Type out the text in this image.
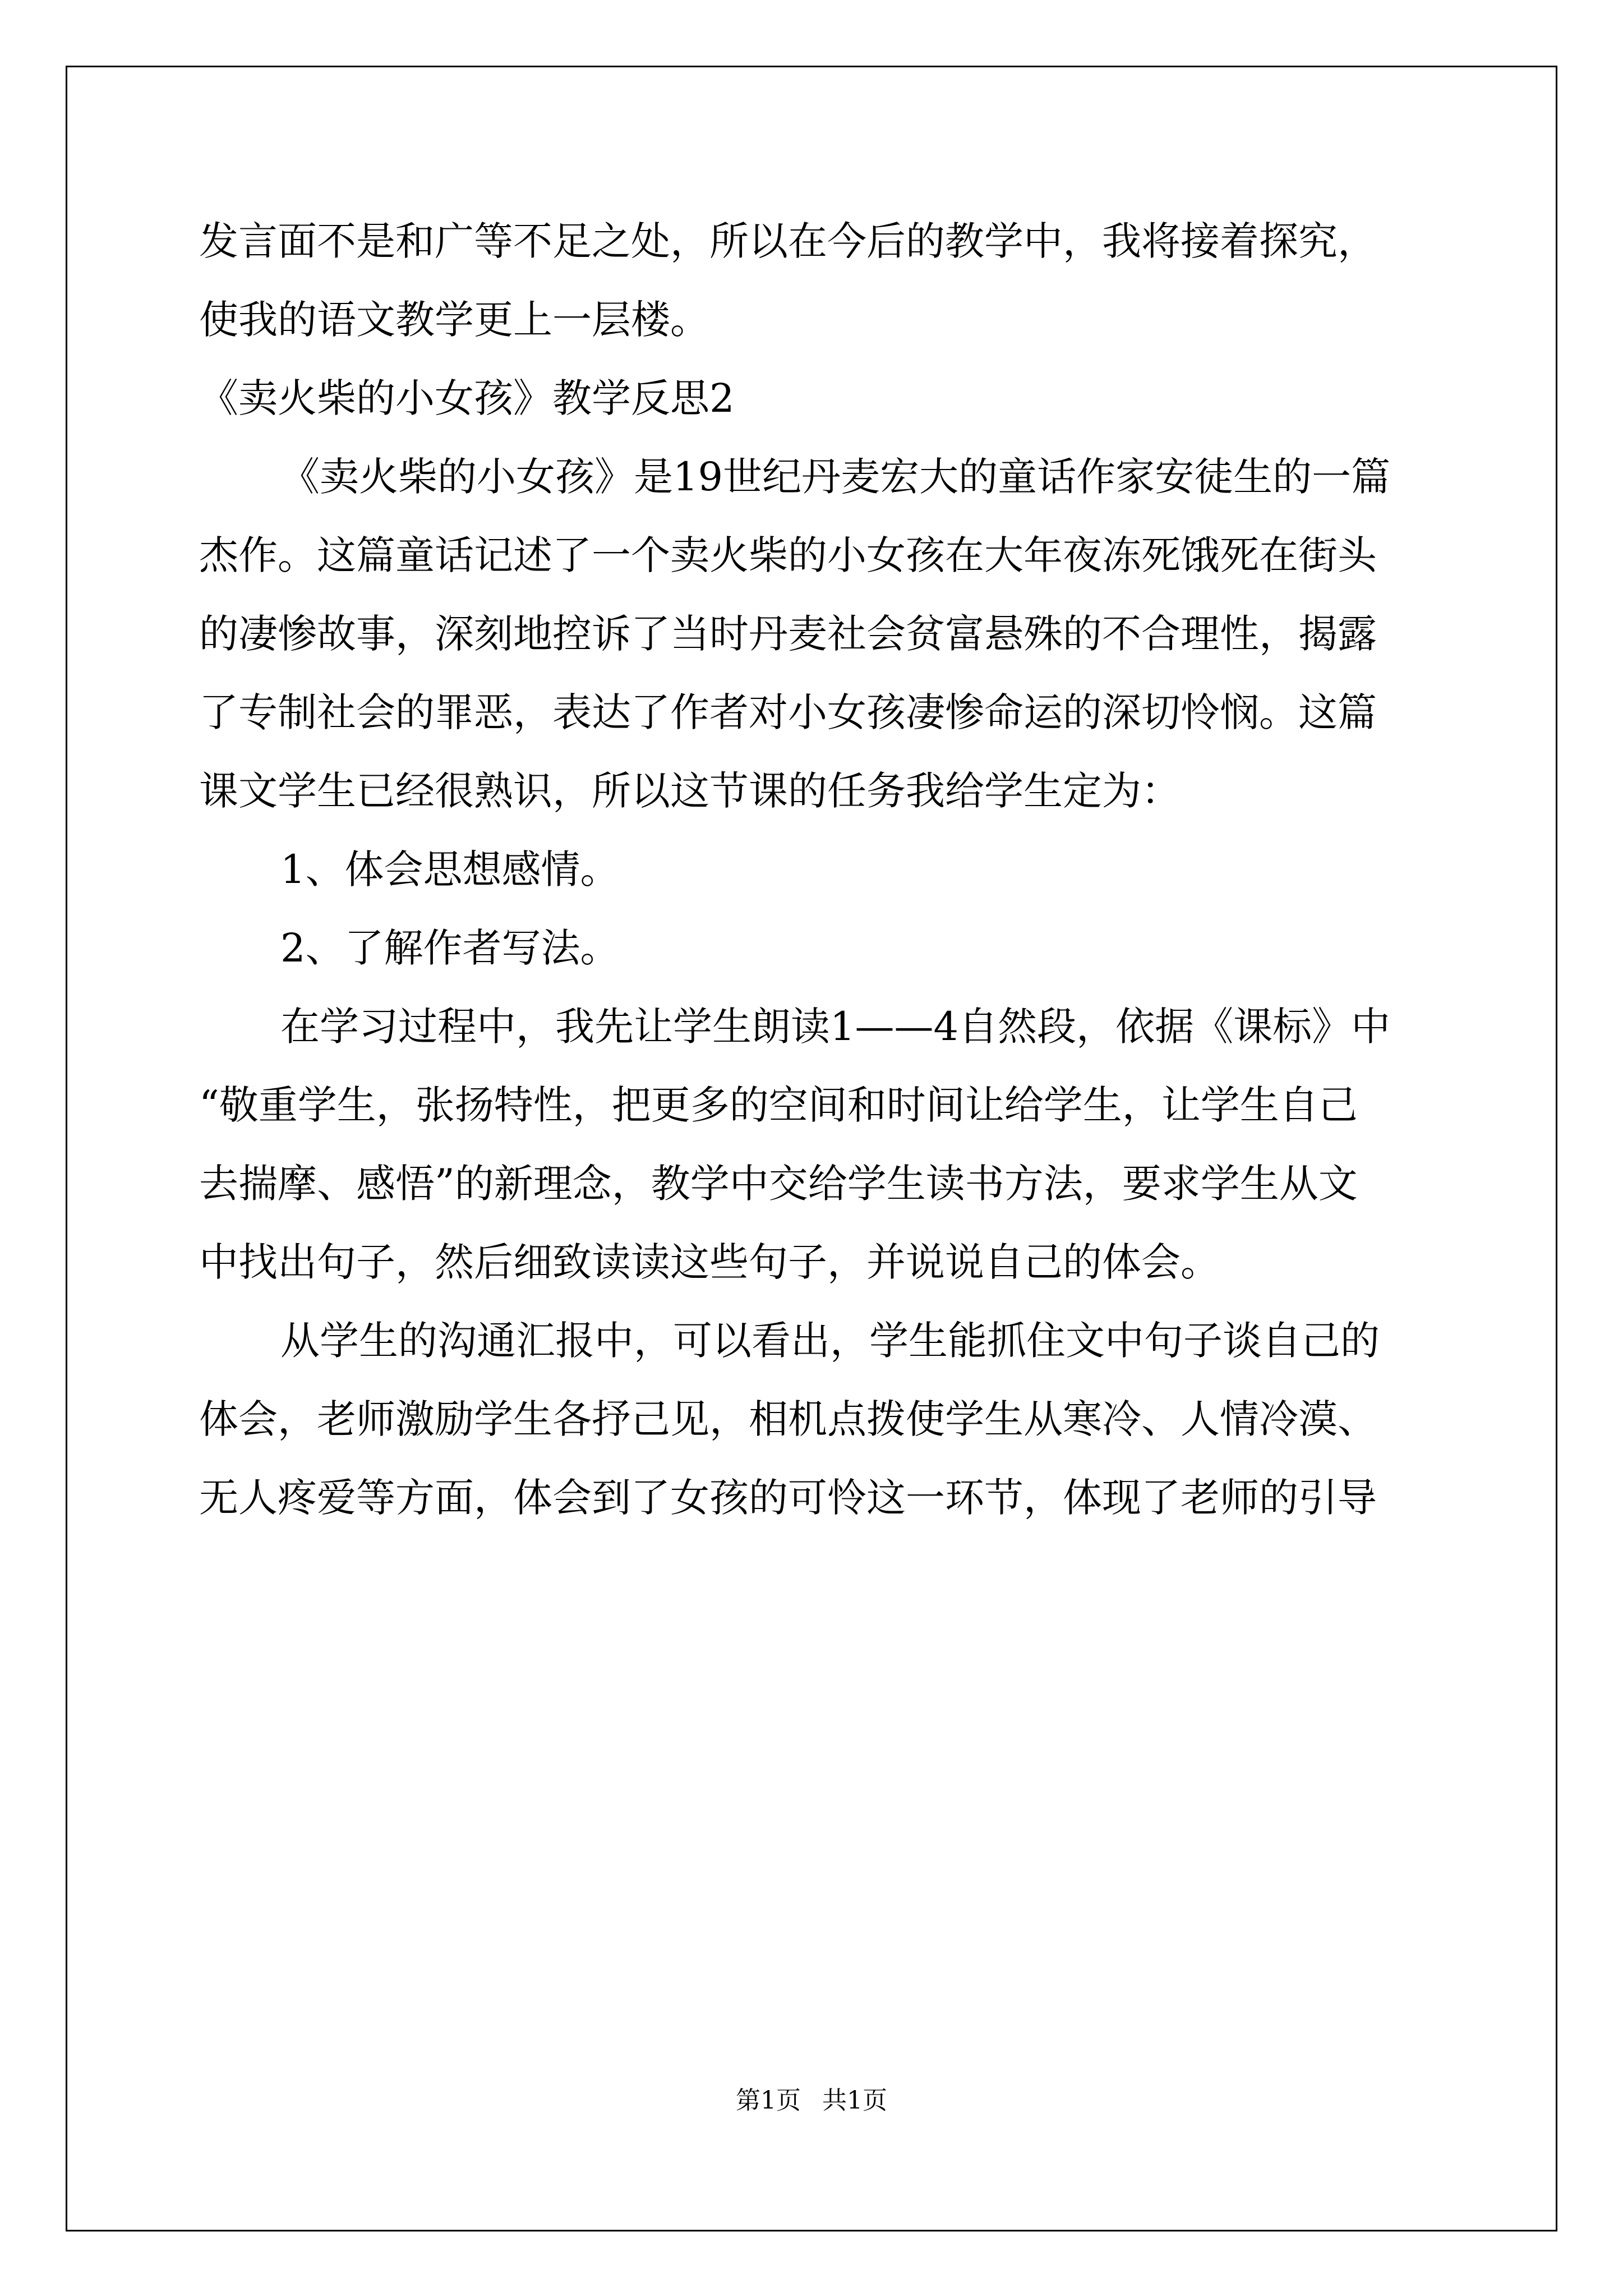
发言面不是和广等不足之处，所以在今后的教学中，我将接着探究，
使我的语文教学更上一层楼。
《卖火柴的小女孩》教学反思2
《卖火柴的小女孩》是19世纪丹麦宏大的童话作家安徒生的一篇
杰作。这篇童话记述了一个卖火柴的小女孩在大年夜冻死饿死在街头
的凄惨故事，深刻地控诉了当时丹麦社会贫富悬殊的不合理性，揭露
了专制社会的罪恶，表达了作者对小女孩凄惨命运的深切怜悯。这篇
课文学生已经很熟识，所以这节课的任务我给学生定为：
1、体会思想感情。
2、了解作者写法。
在学习过程中，我先让学生朗读1——4自然段，依据《课标》中
“敬重学生，张扬特性，把更多的空间和时间让给学生，让学生自己
去揣摩、感悟”的新理念，教学中交给学生读书方法，要求学生从文
中找出句子，然后细致读读这些句子，并说说自己的体会。
从学生的沟通汇报中，可以看出，学生能抓住文中句子谈自己的
体会，老师激励学生各抒己见，相机点拨使学生从寒冷、人情冷漠、
无人疼爱等方面，体会到了女孩的可怜这一环节，体现了老师的引导
第1页 共1页
